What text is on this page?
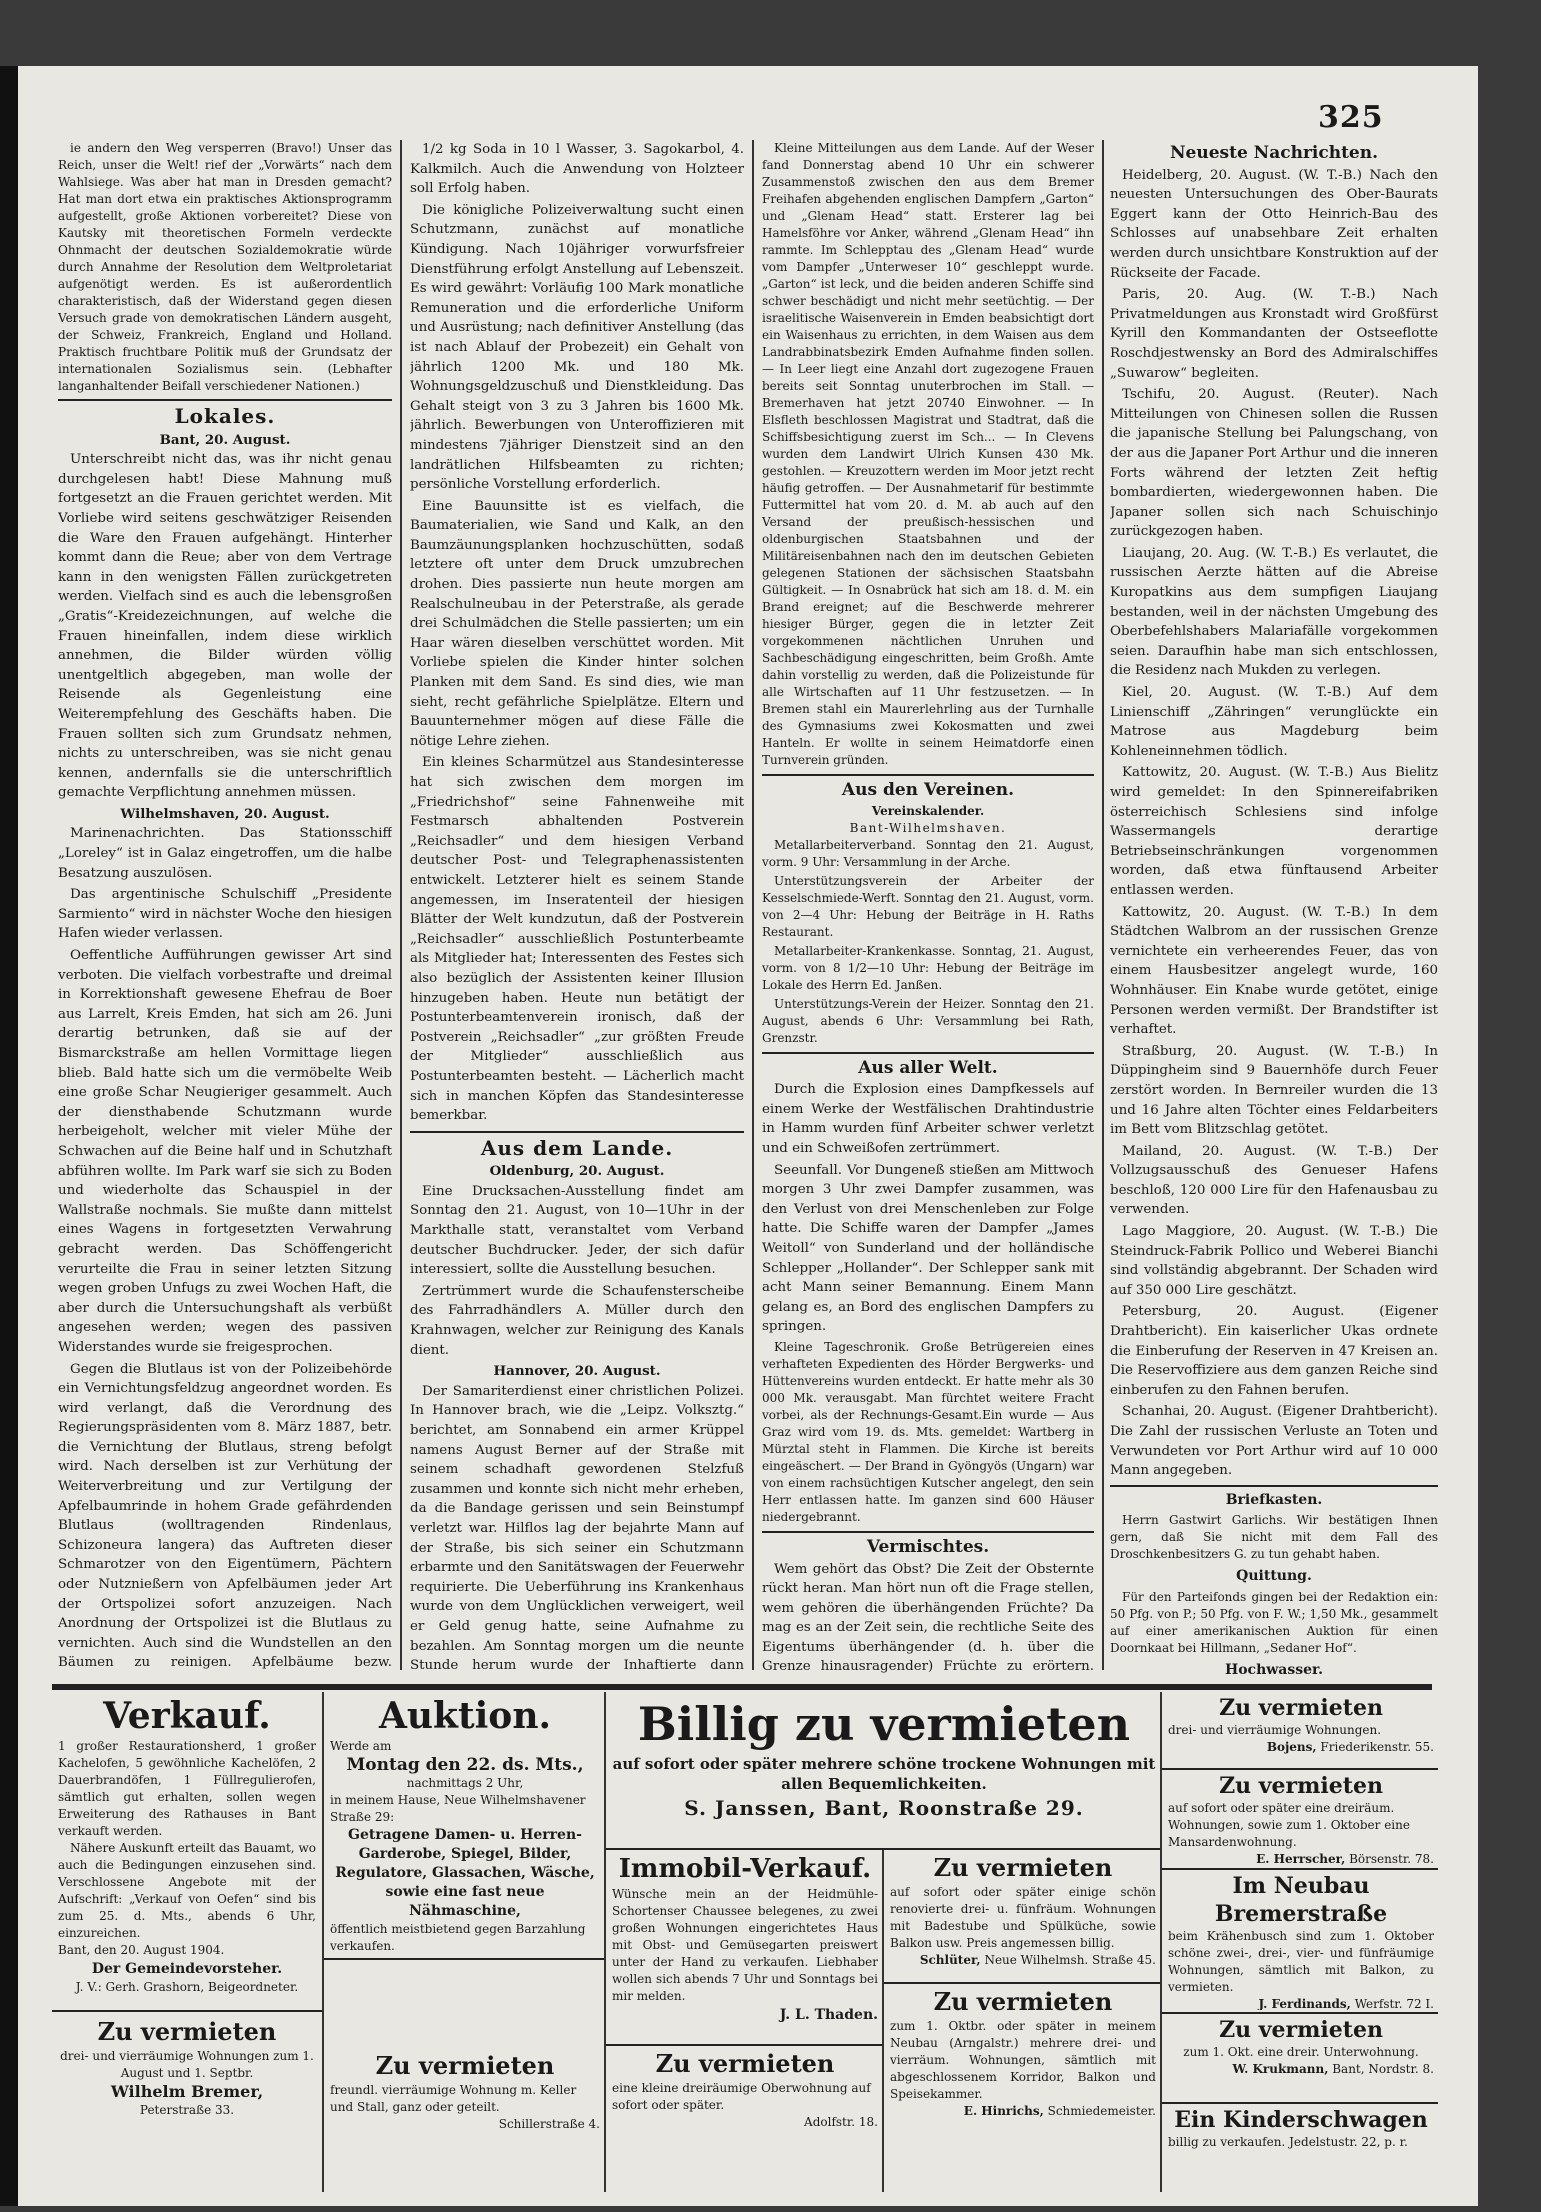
325

ie andern den Weg versperren (Bravo!) Unser das Reich, unser die Welt! rief der „Vorwärts“ nach dem Wahlsiege. Was aber hat man in Dresden gemacht? Hat man dort etwa ein praktisches Aktionsprogramm aufgestellt, große Aktionen vorbereitet? Diese von Kautsky mit theoretischen Formeln verdeckte Ohnmacht der deutschen Sozialdemokratie würde durch Annahme der Resolution dem Weltproletariat aufgenötigt werden. Es ist außerordentlich charakteristisch, daß der Widerstand gegen diesen Versuch grade von demokratischen Ländern ausgeht, der Schweiz, Frankreich, England und Holland. Praktisch fruchtbare Politik muß der Grundsatz der internationalen Sozialismus sein. (Lebhafter langanhaltender Beifall verschiedener Nationen.)

Lokales.
Bant, 20. August.

Unterschreibt nicht das, was ihr nicht genau durchgelesen habt! Diese Mahnung muß fortgesetzt an die Frauen gerichtet werden. Mit Vorliebe wird seitens geschwätziger Reisenden die Ware den Frauen aufgehängt. Hinterher kommt dann die Reue; aber von dem Vertrage kann in den wenigsten Fällen zurückgetreten werden. Vielfach sind es auch die lebensgroßen „Gratis“-Kreidezeichnungen, auf welche die Frauen hineinfallen, indem diese wirklich annehmen, die Bilder würden völlig unentgeltlich abgegeben, man wolle der Reisende als Gegenleistung eine Weiterempfehlung des Geschäfts haben. Die Frauen sollten sich zum Grundsatz nehmen, nichts zu unterschreiben, was sie nicht genau kennen, andernfalls sie die unterschriftlich gemachte Verpflichtung annehmen müssen.

Wilhelmshaven, 20. August.

Marinenachrichten. Das Stationsschiff „Loreley“ ist in Galaz eingetroffen, um die halbe Besatzung auszulösen.

Das argentinische Schulschiff „Presidente Sarmiento“ wird in nächster Woche den hiesigen Hafen wieder verlassen.

Oeffentliche Aufführungen gewisser Art sind verboten. Die vielfach vorbestrafte und dreimal in Korrektionshaft gewesene Ehefrau de Boer aus Larrelt, Kreis Emden, hat sich am 26. Juni derartig betrunken, daß sie auf der Bismarckstraße am hellen Vormittage liegen blieb. Bald hatte sich um die vermöbelte Weib eine große Schar Neugieriger gesammelt. Auch der diensthabende Schutzmann wurde herbeigeholt, welcher mit vieler Mühe der Schwachen auf die Beine half und in Schutzhaft abführen wollte. Im Park warf sie sich zu Boden und wiederholte das Schauspiel in der Wallstraße nochmals. Sie mußte dann mittelst eines Wagens in fortgesetzten Verwahrung gebracht werden. Das Schöffengericht verurteilte die Frau in seiner letzten Sitzung wegen groben Unfugs zu zwei Wochen Haft, die aber durch die Untersuchungshaft als verbüßt angesehen werden; wegen des passiven Widerstandes wurde sie freigesprochen.

Gegen die Blutlaus ist von der Polizeibehörde ein Vernichtungsfeldzug angeordnet worden. Es wird verlangt, daß die Verordnung des Regierungspräsidenten vom 8. März 1887, betr. die Vernichtung der Blutlaus, streng befolgt wird. Nach derselben ist zur Verhütung der Weiterverbreitung und zur Vertilgung der Apfelbaumrinde in hohem Grade gefährdenden Blutlaus (wolltragenden Rindenlaus, Schizoneura langera) das Auftreten dieser Schmarotzer von den Eigentümern, Pächtern oder Nutznießern von Apfelbäumen jeder Art der Ortspolizei sofort anzuzeigen. Nach Anordnung der Ortspolizei ist die Blutlaus zu vernichten. Auch sind die Wundstellen an den Bäumen zu reinigen. Apfelbäume bezw.

1/2 kg Soda in 10 l Wasser, 3. Sagokarbol, 4. Kalkmilch. Auch die Anwendung von Holzteer soll Erfolg haben.

Die königliche Polizeiverwaltung sucht einen Schutzmann, zunächst auf monatliche Kündigung. Nach 10jähriger vorwurfsfreier Dienstführung erfolgt Anstellung auf Lebenszeit. Es wird gewährt: Vorläufig 100 Mark monatliche Remuneration und die erforderliche Uniform und Ausrüstung; nach definitiver Anstellung (das ist nach Ablauf der Probezeit) ein Gehalt von jährlich 1200 Mk. und 180 Mk. Wohnungsgeldzuschuß und Dienstkleidung. Das Gehalt steigt von 3 zu 3 Jahren bis 1600 Mk. jährlich. Bewerbungen von Unteroffizieren mit mindestens 7jähriger Dienstzeit sind an den landrätlichen Hilfsbeamten zu richten; persönliche Vorstellung erforderlich.

Eine Bauunsitte ist es vielfach, die Baumaterialien, wie Sand und Kalk, an den Baumzäunungsplanken hochzuschütten, sodaß letztere oft unter dem Druck umzubrechen drohen. Dies passierte nun heute morgen am Realschulneubau in der Peterstraße, als gerade drei Schulmädchen die Stelle passierten; um ein Haar wären dieselben verschüttet worden. Mit Vorliebe spielen die Kinder hinter solchen Planken mit dem Sand. Es sind dies, wie man sieht, recht gefährliche Spielplätze. Eltern und Bauunternehmer mögen auf diese Fälle die nötige Lehre ziehen.

Ein kleines Scharmützel aus Standesinteresse hat sich zwischen dem morgen im „Friedrichshof“ seine Fahnenweihe mit Festmarsch abhaltenden Postverein „Reichsadler“ und dem hiesigen Verband deutscher Post- und Telegraphenassistenten entwickelt. Letzterer hielt es seinem Stande angemessen, im Inseratenteil der hiesigen Blätter der Welt kundzutun, daß der Postverein „Reichsadler“ ausschließlich Postunterbeamte als Mitglieder hat; Interessenten des Festes sich also bezüglich der Assistenten keiner Illusion hinzugeben haben. Heute nun betätigt der Postunterbeamtenverein ironisch, daß der Postverein „Reichsadler“ „zur größten Freude der Mitglieder“ ausschließlich aus Postunterbeamten besteht. — Lächerlich macht sich in manchen Köpfen das Standesinteresse bemerkbar.

Aus dem Lande.
Oldenburg, 20. August.

Eine Drucksachen-Ausstellung findet am Sonntag den 21. August, von 10—1Uhr in der Markthalle statt, veranstaltet vom Verband deutscher Buchdrucker. Jeder, der sich dafür interessiert, sollte die Ausstellung besuchen.

Zertrümmert wurde die Schaufensterscheibe des Fahrradhändlers A. Müller durch den Krahnwagen, welcher zur Reinigung des Kanals dient.

Hannover, 20. August.

Der Samariterdienst einer christlichen Polizei. In Hannover brach, wie die „Leipz. Volksztg.“ berichtet, am Sonnabend ein armer Krüppel namens August Berner auf der Straße mit seinem schadhaft gewordenen Stelzfuß zusammen und konnte sich nicht mehr erheben, da die Bandage gerissen und sein Beinstumpf verletzt war. Hilflos lag der bejahrte Mann auf der Straße, bis sich seiner ein Schutzmann erbarmte und den Sanitätswagen der Feuerwehr requirierte. Die Ueberführung ins Krankenhaus wurde von dem Unglücklichen verweigert, weil er Geld genug hatte, seine Aufnahme zu bezahlen. Am Sonntag morgen um die neunte Stunde herum wurde der Inhaftierte dann

Kleine Mitteilungen aus dem Lande. Auf der Weser fand Donnerstag abend 10 Uhr ein schwerer Zusammenstoß zwischen den aus dem Bremer Freihafen abgehenden englischen Dampfern „Garton“ und „Glenam Head“ statt. Ersterer lag bei Hamelsföhre vor Anker, während „Glenam Head“ ihn rammte. Im Schlepptau des „Glenam Head“ wurde vom Dampfer „Unterweser 10“ geschleppt wurde. „Garton“ ist leck, und die beiden anderen Schiffe sind schwer beschädigt und nicht mehr seetüchtig. — Der israelitische Waisenverein in Emden beabsichtigt dort ein Waisenhaus zu errichten, in dem Waisen aus dem Landrabbinatsbezirk Emden Aufnahme finden sollen. — In Leer liegt eine Anzahl dort zugezogene Frauen bereits seit Sonntag unuterbrochen im Stall. — Bremerhaven hat jetzt 20740 Einwohner. — In Elsfleth beschlossen Magistrat und Stadtrat, daß die Schiffsbesichtigung zuerst im Sch... — In Clevens wurden dem Landwirt Ulrich Kunsen 430 Mk. gestohlen. — Kreuzottern werden im Moor jetzt recht häufig getroffen. — Der Ausnahmetarif für bestimmte Futtermittel hat vom 20. d. M. ab auch auf den Versand der preußisch-hessischen und oldenburgischen Staatsbahnen und der Militäreisenbahnen nach den im deutschen Gebieten gelegenen Stationen der sächsischen Staatsbahn Gültigkeit. — In Osnabrück hat sich am 18. d. M. ein Brand ereignet; auf die Beschwerde mehrerer hiesiger Bürger, gegen die in letzter Zeit vorgekommenen nächtlichen Unruhen und Sachbeschädigung eingeschritten, beim Großh. Amte dahin vorstellig zu werden, daß die Polizeistunde für alle Wirtschaften auf 11 Uhr festzusetzen. — In Bremen stahl ein Maurerlehrling aus der Turnhalle des Gymnasiums zwei Kokosmatten und zwei Hanteln. Er wollte in seinem Heimatdorfe einen Turnverein gründen.

Aus den Vereinen.
Vereinskalender.
Bant-Wilhelmshaven.

Metallarbeiterverband. Sonntag den 21. August, vorm. 9 Uhr: Versammlung in der Arche.

Unterstützungsverein der Arbeiter der Kesselschmiede-Werft. Sonntag den 21. August, vorm. von 2—4 Uhr: Hebung der Beiträge in H. Raths Restaurant.

Metallarbeiter-Krankenkasse. Sonntag, 21. August, vorm. von 8 1/2—10 Uhr: Hebung der Beiträge im Lokale des Herrn Ed. Janßen.

Unterstützungs-Verein der Heizer. Sonntag den 21. August, abends 6 Uhr: Versammlung bei Rath, Grenzstr.

Aus aller Welt.

Durch die Explosion eines Dampfkessels auf einem Werke der Westfälischen Drahtindustrie in Hamm wurden fünf Arbeiter schwer verletzt und ein Schweißofen zertrümmert.

Seeunfall. Vor Dungeneß stießen am Mittwoch morgen 3 Uhr zwei Dampfer zusammen, was den Verlust von drei Menschenleben zur Folge hatte. Die Schiffe waren der Dampfer „James Weitoll“ von Sunderland und der holländische Schlepper „Hollander“. Der Schlepper sank mit acht Mann seiner Bemannung. Einem Mann gelang es, an Bord des englischen Dampfers zu springen.

Kleine Tageschronik. Große Betrügereien eines verhafteten Expedienten des Hörder Bergwerks- und Hüttenvereins wurden entdeckt. Er hatte mehr als 30 000 Mk. verausgabt. Man fürchtet weitere Fracht vorbei, als der Rechnungs-Gesamt.Ein wurde — Aus Graz wird vom 19. ds. Mts. gemeldet: Wartberg in Mürztal steht in Flammen. Die Kirche ist bereits eingeäschert. — Der Brand in Gyöngyös (Ungarn) war von einem rachsüchtigen Kutscher angelegt, den sein Herr entlassen hatte. Im ganzen sind 600 Häuser niedergebrannt.

Vermischtes.

Wem gehört das Obst? Die Zeit der Obsternte rückt heran. Man hört nun oft die Frage stellen, wem gehören die überhängenden Früchte? Da mag es an der Zeit sein, die rechtliche Seite des Eigentums überhängender (d. h. über die Grenze hinausragender) Früchte zu erörtern.

Neueste Nachrichten.

Heidelberg, 20. August. (W. T.-B.) Nach den neuesten Untersuchungen des Ober-Baurats Eggert kann der Otto Heinrich-Bau des Schlosses auf unabsehbare Zeit erhalten werden durch unsichtbare Konstruktion auf der Rückseite der Facade.

Paris, 20. Aug. (W. T.-B.) Nach Privatmeldungen aus Kronstadt wird Großfürst Kyrill den Kommandanten der Ostseeflotte Roschdjestwensky an Bord des Admiralschiffes „Suwarow“ begleiten.

Tschifu, 20. August. (Reuter). Nach Mitteilungen von Chinesen sollen die Russen die japanische Stellung bei Palungschang, von der aus die Japaner Port Arthur und die inneren Forts während der letzten Zeit heftig bombardierten, wiedergewonnen haben. Die Japaner sollen sich nach Schuischinjo zurückgezogen haben.

Liaujang, 20. Aug. (W. T.-B.) Es verlautet, die russischen Aerzte hätten auf die Abreise Kuropatkins aus dem sumpfigen Liaujang bestanden, weil in der nächsten Umgebung des Oberbefehlshabers Malariafälle vorgekommen seien. Daraufhin habe man sich entschlossen, die Residenz nach Mukden zu verlegen.

Kiel, 20. August. (W. T.-B.) Auf dem Linienschiff „Zähringen“ verunglückte ein Matrose aus Magdeburg beim Kohleneinnehmen tödlich.

Kattowitz, 20. August. (W. T.-B.) Aus Bielitz wird gemeldet: In den Spinnereifabriken österreichisch Schlesiens sind infolge Wassermangels derartige Betriebseinschränkungen vorgenommen worden, daß etwa fünftausend Arbeiter entlassen werden.

Kattowitz, 20. August. (W. T.-B.) In dem Städtchen Walbrom an der russischen Grenze vernichtete ein verheerendes Feuer, das von einem Hausbesitzer angelegt wurde, 160 Wohnhäuser. Ein Knabe wurde getötet, einige Personen werden vermißt. Der Brandstifter ist verhaftet.

Straßburg, 20. August. (W. T.-B.) In Düppingheim sind 9 Bauernhöfe durch Feuer zerstört worden. In Bernreiler wurden die 13 und 16 Jahre alten Töchter eines Feldarbeiters im Bett vom Blitzschlag getötet.

Mailand, 20. August. (W. T.-B.) Der Vollzugsausschuß des Genueser Hafens beschloß, 120 000 Lire für den Hafenausbau zu verwenden.

Lago Maggiore, 20. August. (W. T.-B.) Die Steindruck-Fabrik Pollico und Weberei Bianchi sind vollständig abgebrannt. Der Schaden wird auf 350 000 Lire geschätzt.

Petersburg, 20. August. (Eigener Drahtbericht). Ein kaiserlicher Ukas ordnete die Einberufung der Reserven in 47 Kreisen an. Die Reservoffiziere aus dem ganzen Reiche sind einberufen zu den Fahnen berufen.

Schanhai, 20. August. (Eigener Drahtbericht). Die Zahl der russischen Verluste an Toten und Verwundeten vor Port Arthur wird auf 10 000 Mann angegeben.

Briefkasten.

Herrn Gastwirt Garlichs. Wir bestätigen Ihnen gern, daß Sie nicht mit dem Fall des Droschkenbesitzers G. zu tun gehabt haben.

Quittung.

Für den Parteifonds gingen bei der Redaktion ein: 50 Pfg. von P.; 50 Pfg. von F. W.; 1,50 Mk., gesammelt auf einer amerikanischen Auktion für einen Doornkaat bei Hillmann, „Sedaner Hof“.

Hochwasser.

Verkauf.
1 großer Restaurationsherd, 1 großer Kachelofen, 5 gewöhnliche Kachelöfen, 2 Dauerbrandöfen, 1 Füllregulierofen, sämtlich gut erhalten, sollen wegen Erweiterung des Rathauses in Bant verkauft werden.
Nähere Auskunft erteilt das Bauamt, wo auch die Bedingungen einzusehen sind. Verschlossene Angebote mit der Aufschrift: „Verkauf von Oefen“ sind bis zum 25. d. Mts., abends 6 Uhr, einzureichen.
Bant, den 20. August 1904.
Der Gemeindevorsteher.
J. V.: Gerh. Grashorn, Beigeordneter.
Zu vermieten
drei- und vierräumige Wohnungen zum 1. August und 1. Septbr.
Wilhelm Bremer,
Peterstraße 33.
Auktion.
Werde am
Montag den 22. ds. Mts.,
nachmittags 2 Uhr,
in meinem Hause, Neue Wilhelmshavener Straße 29:
Getragene Damen- u. Herren-Garderobe, Spiegel, Bilder, Regulatore, Glassachen, Wäsche, sowie eine fast neue Nähmaschine,
öffentlich meistbietend gegen Barzahlung verkaufen.
Zu vermieten
freundl. vierräumige Wohnung m. Keller und Stall, ganz oder geteilt.
Schillerstraße 4.
Billig zu vermieten
auf sofort oder später mehrere schöne trockene Wohnungen mit allen Bequemlichkeiten.
S. Janssen, Bant, Roonstraße 29.
Immobil-Verkauf.
Wünsche mein an der Heidmühle-Schortenser Chaussee belegenes, zu zwei großen Wohnungen eingerichtetes Haus mit Obst- und Gemüsegarten preiswert unter der Hand zu verkaufen. Liebhaber wollen sich abends 7 Uhr und Sonntags bei mir melden.
J. L. Thaden.
Zu vermieten
eine kleine dreiräumige Oberwohnung auf sofort oder später.
Adolfstr. 18.
Zu vermieten
auf sofort oder später einige schön renovierte drei- u. fünfräum. Wohnungen mit Badestube und Spülküche, sowie Balkon usw. Preis angemessen billig.
Schlüter, Neue Wilhelmsh. Straße 45.
Zu vermieten
zum 1. Oktbr. oder später in meinem Neubau (Arngalstr.) mehrere drei- und vierräum. Wohnungen, sämtlich mit abgeschlossenem Korridor, Balkon und Speisekammer.
E. Hinrichs, Schmiedemeister.
Zu vermieten
drei- und vierräumige Wohnungen.
Bojens, Friederikenstr. 55.
Zu vermieten
auf sofort oder später eine dreiräum. Wohnungen, sowie zum 1. Oktober eine Mansardenwohnung.
E. Herrscher, Börsenstr. 78.
Im Neubau Bremerstraße
beim Krähenbusch sind zum 1. Oktober schöne zwei-, drei-, vier- und fünfräumige Wohnungen, sämtlich mit Balkon, zu vermieten.
J. Ferdinands, Werfstr. 72 I.
Zu vermieten
zum 1. Okt. eine dreir. Unterwohnung.
W. Krukmann, Bant, Nordstr. 8.
Ein Kinderschwagen
billig zu verkaufen. Jedelstustr. 22, p. r.
